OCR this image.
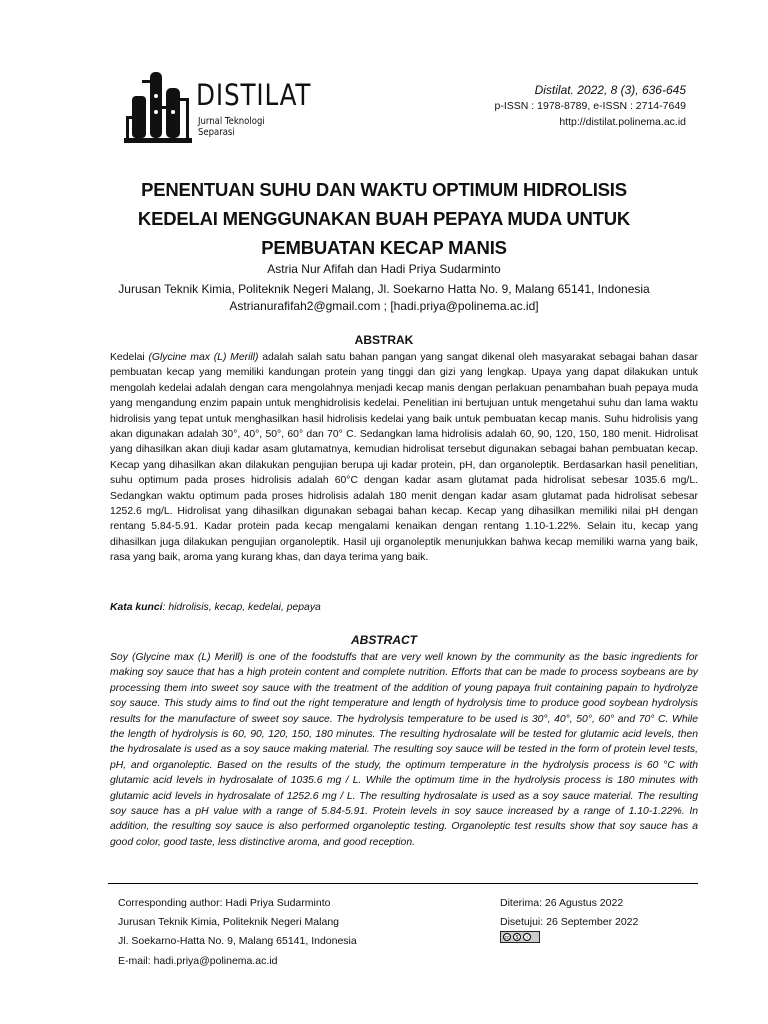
DISTILAT
Jurnal Teknologi Separasi
Distilat. 2022, 8 (3), 636-645
p-ISSN : 1978-8789, e-ISSN : 2714-7649
http://distilat.polinema.ac.id
PENENTUAN SUHU DAN WAKTU OPTIMUM HIDROLISIS KEDELAI MENGGUNAKAN BUAH PEPAYA MUDA UNTUK PEMBUATAN KECAP MANIS
Astria Nur Afifah dan Hadi Priya Sudarminto
Jurusan Teknik Kimia, Politeknik Negeri Malang, Jl. Soekarno Hatta No. 9, Malang 65141, Indonesia
Astrianurafifah2@gmail.com ; [hadi.priya@polinema.ac.id]
ABSTRAK
Kedelai (Glycine max (L) Merill) adalah salah satu bahan pangan yang sangat dikenal oleh masyarakat sebagai bahan dasar pembuatan kecap yang memiliki kandungan protein yang tinggi dan gizi yang lengkap. Upaya yang dapat dilakukan untuk mengolah kedelai adalah dengan cara mengolahnya menjadi kecap manis dengan perlakuan penambahan buah pepaya muda yang mengandung enzim papain untuk menghidrolisis kedelai. Penelitian ini bertujuan untuk mengetahui suhu dan lama waktu hidrolisis yang tepat untuk menghasilkan hasil hidrolisis kedelai yang baik untuk pembuatan kecap manis. Suhu hidrolisis yang akan digunakan adalah 30°, 40°, 50°, 60° dan 70° C. Sedangkan lama hidrolisis adalah 60, 90, 120, 150, 180 menit. Hidrolisat yang dihasilkan akan diuji kadar asam glutamatnya, kemudian hidrolisat tersebut digunakan sebagai bahan pembuatan kecap. Kecap yang dihasilkan akan dilakukan pengujian berupa uji kadar protein, pH, dan organoleptik. Berdasarkan hasil penelitian, suhu optimum pada proses hidrolisis adalah 60°C dengan kadar asam glutamat pada hidrolisat sebesar 1035.6 mg/L. Sedangkan waktu optimum pada proses hidrolisis adalah 180 menit dengan kadar asam glutamat pada hidrolisat sebesar 1252.6 mg/L. Hidrolisat yang dihasilkan digunakan sebagai bahan kecap. Kecap yang dihasilkan memiliki nilai pH dengan rentang 5.84-5.91. Kadar protein pada kecap mengalami kenaikan dengan rentang 1.10-1.22%. Selain itu, kecap yang dihasilkan juga dilakukan pengujian organoleptik. Hasil uji organoleptik menunjukkan bahwa kecap memiliki warna yang baik, rasa yang baik, aroma yang kurang khas, dan daya terima yang baik.
Kata kunci: hidrolisis, kecap, kedelai, pepaya
ABSTRACT
Soy (Glycine max (L) Merill) is one of the foodstuffs that are very well known by the community as the basic ingredients for making soy sauce that has a high protein content and complete nutrition. Efforts that can be made to process soybeans are by processing them into sweet soy sauce with the treatment of the addition of young papaya fruit containing papain to hydrolyze soy sauce. This study aims to find out the right temperature and length of hydrolysis time to produce good soybean hydrolysis results for the manufacture of sweet soy sauce. The hydrolysis temperature to be used is 30°, 40°, 50°, 60° and 70° C. While the length of hydrolysis is 60, 90, 120, 150, 180 minutes. The resulting hydrosalate will be tested for glutamic acid levels, then the hydrosalate is used as a soy sauce making material. The resulting soy sauce will be tested in the form of protein level tests, pH, and organoleptic. Based on the results of the study, the optimum temperature in the hydrolysis process is 60 °C with glutamic acid levels in hydrosalate of 1035.6 mg / L. While the optimum time in the hydrolysis process is 180 minutes with glutamic acid levels in hydrosalate of 1252.6 mg / L. The resulting hydrosalate is used as a soy sauce material. The resulting soy sauce has a pH value with a range of 5.84-5.91. Protein levels in soy sauce increased by a range of 1.10-1.22%. In addition, the resulting soy sauce is also performed organoleptic testing. Organoleptic test results show that soy sauce has a good color, good taste, less distinctive aroma, and good reception.
Corresponding author: Hadi Priya Sudarminto
Jurusan Teknik Kimia, Politeknik Negeri Malang
Jl. Soekarno-Hatta No. 9, Malang 65141, Indonesia
E-mail: hadi.priya@polinema.ac.id
Diterima: 26 Agustus 2022
Disetujui: 26 September 2022
cc	$	i
